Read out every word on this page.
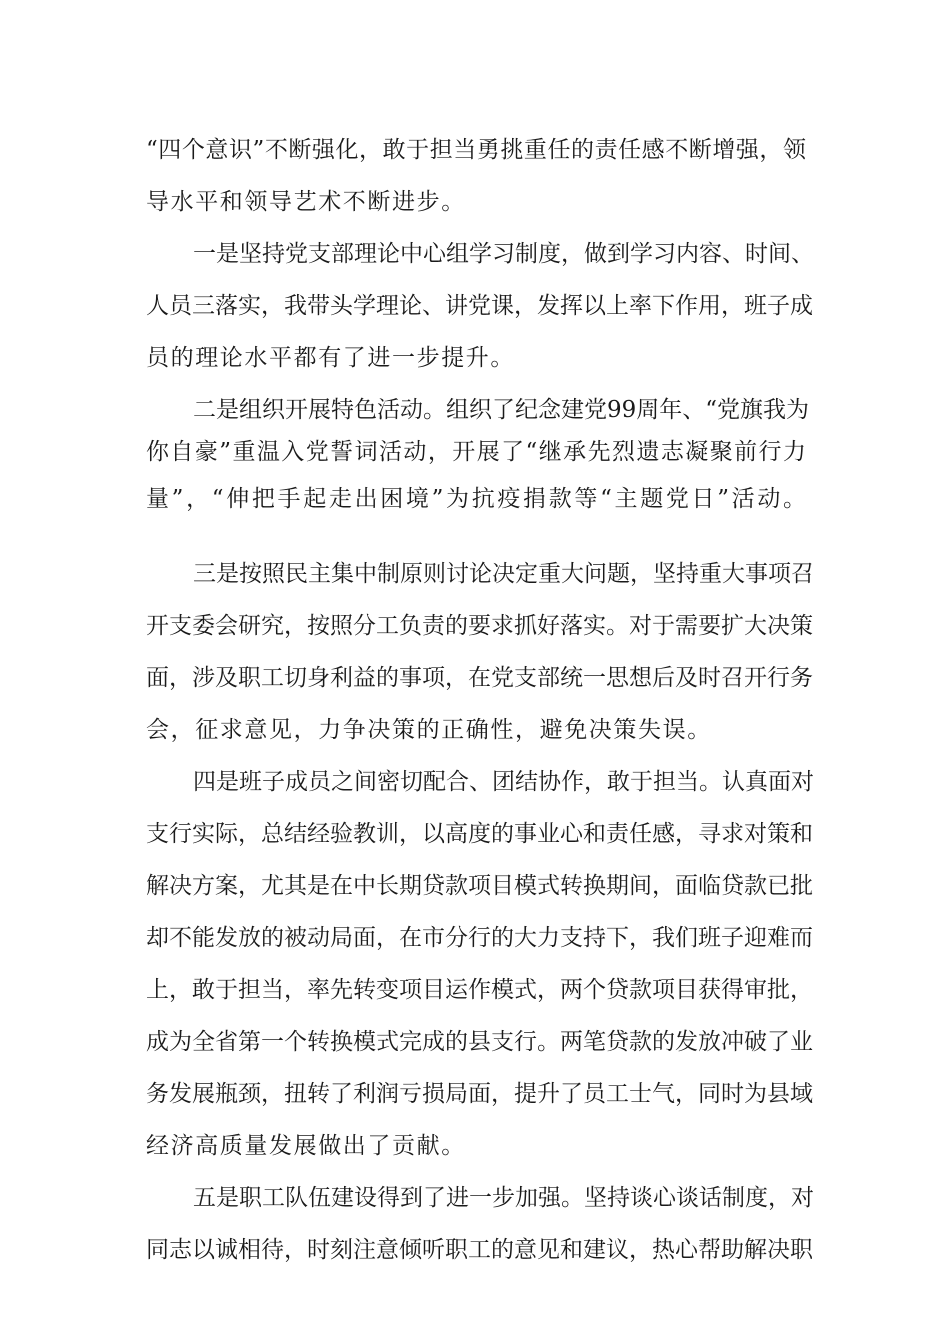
“四个意识”不断强化，敢于担当勇挑重任的责任感不断增强，领
导水平和领导艺术不断进步。
一是坚持党支部理论中心组学习制度，做到学习内容、时间、
人员三落实，我带头学理论、讲党课，发挥以上率下作用，班子成
员的理论水平都有了进一步提升。
二是组织开展特色活动。组织了纪念建党99周年、“党旗我为
你自豪”重温入党誓词活动，开展了“继承先烈遗志凝聚前行力
量”，“伸把手起走出困境”为抗疫捐款等“主题党日”活动。
三是按照民主集中制原则讨论决定重大问题，坚持重大事项召
开支委会研究，按照分工负责的要求抓好落实。对于需要扩大决策
面，涉及职工切身利益的事项，在党支部统一思想后及时召开行务
会，征求意见，力争决策的正确性，避免决策失误。
四是班子成员之间密切配合、团结协作，敢于担当。认真面对
支行实际，总结经验教训，以高度的事业心和责任感，寻求对策和
解决方案，尤其是在中长期贷款项目模式转换期间，面临贷款已批
却不能发放的被动局面，在市分行的大力支持下，我们班子迎难而
上，敢于担当，率先转变项目运作模式，两个贷款项目获得审批，
成为全省第一个转换模式完成的县支行。两笔贷款的发放冲破了业
务发展瓶颈，扭转了利润亏损局面，提升了员工士气，同时为县域
经济高质量发展做出了贡献。
五是职工队伍建设得到了进一步加强。坚持谈心谈话制度，对
同志以诚相待，时刻注意倾听职工的意见和建议，热心帮助解决职
